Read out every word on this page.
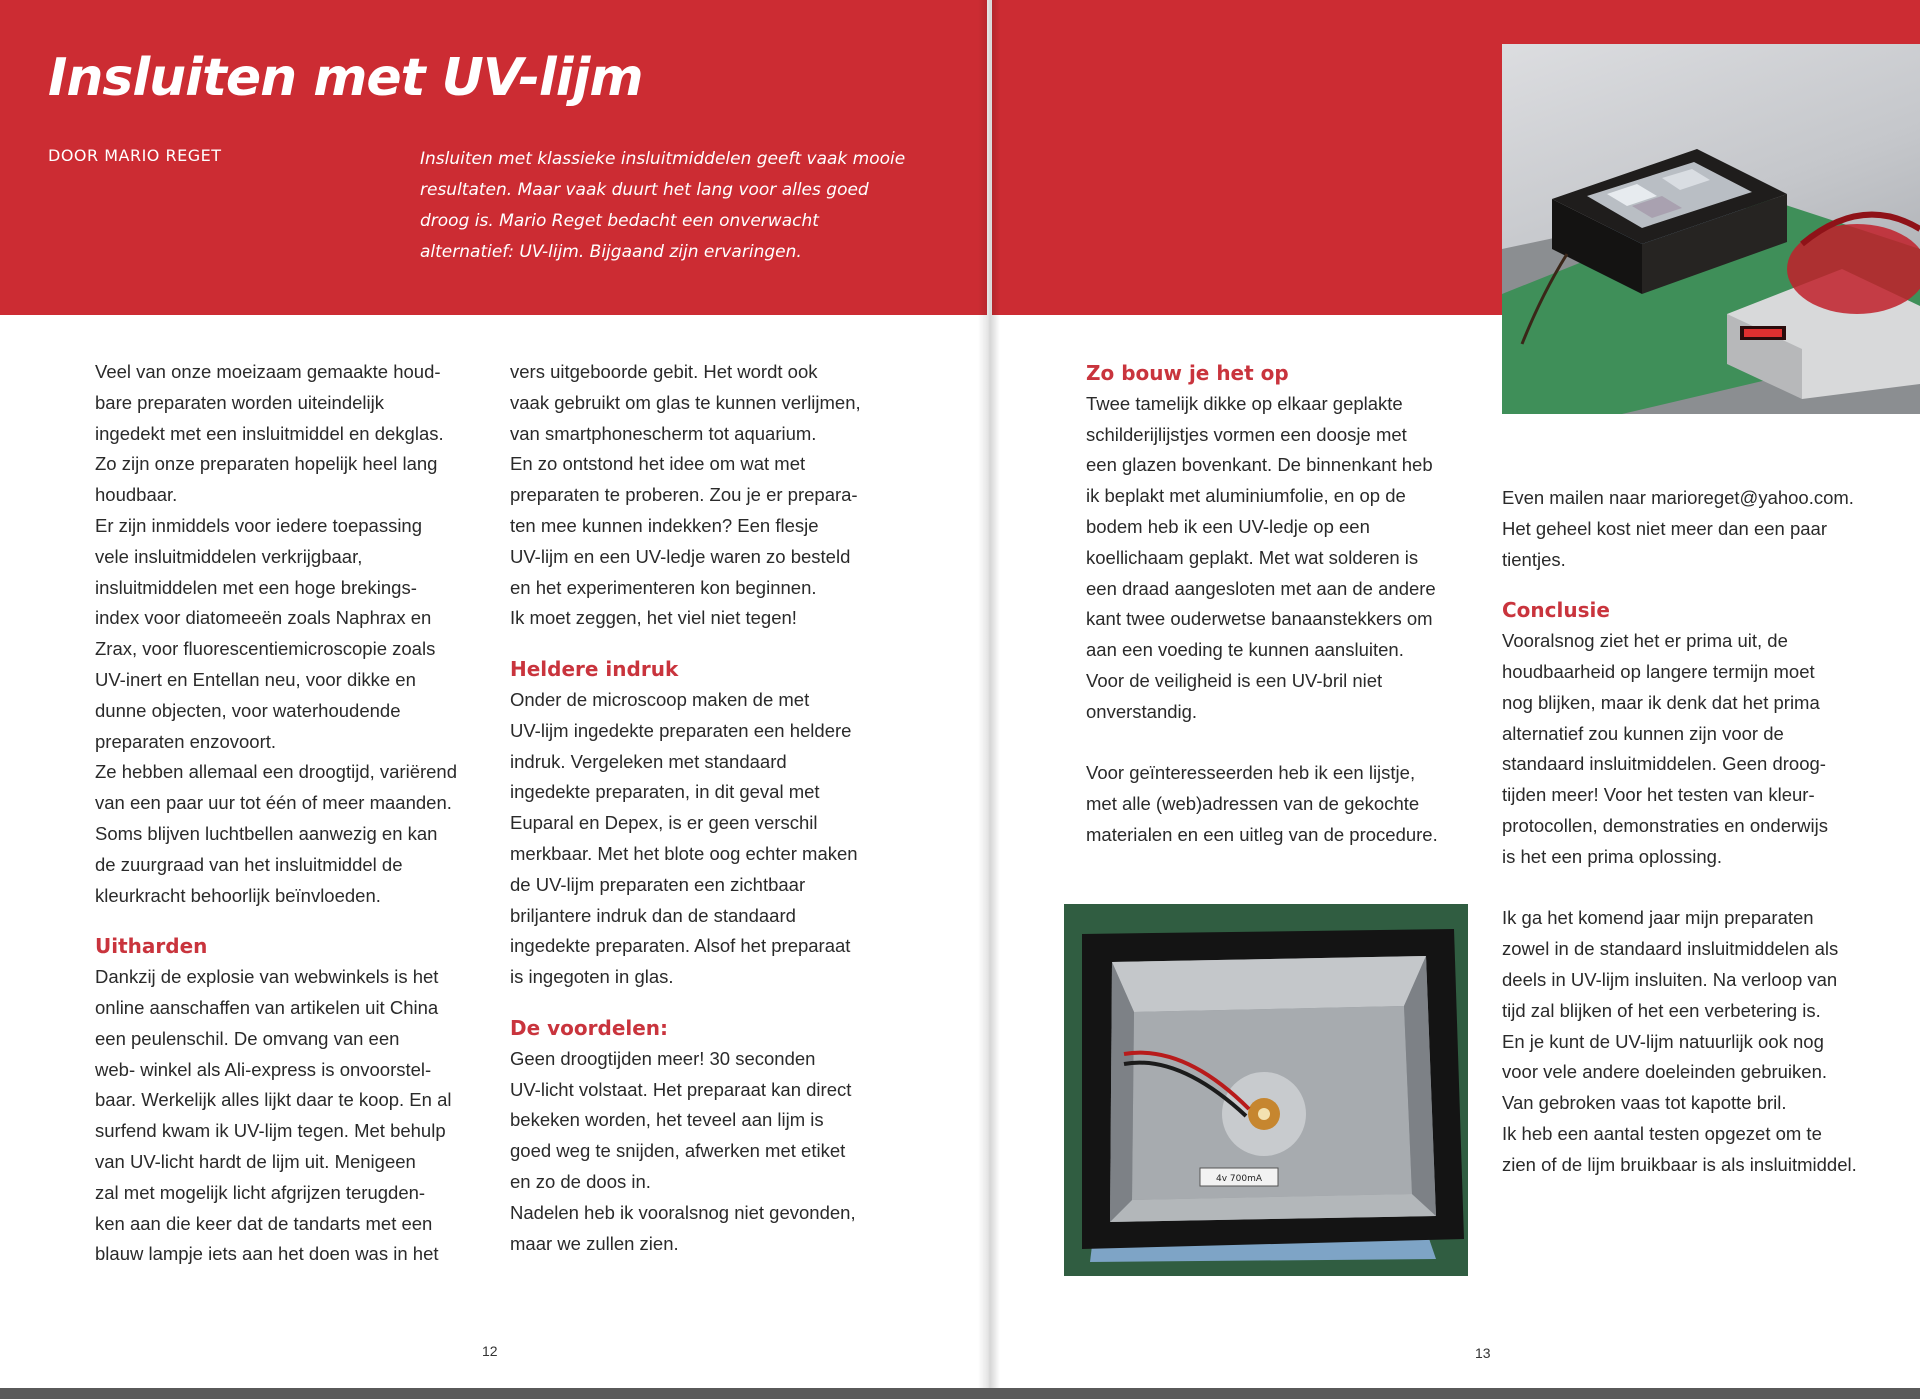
Insluiten met UV-lijm

DOOR MARIO REGET	Insluiten met klassieke insluitmiddelen geeft vaak mooie resultaten. Maar vaak duurt het lang voor alles goed droog is. Mario Reget bedacht een onverwacht alternatief: UV-lijm. Bijgaand zijn ervaringen.

Veel van onze moeizaam gemaakte houd-
bare preparaten worden uiteindelijk
ingedekt met een insluitmiddel en dekglas.
Zo zijn onze preparaten hopelijk heel lang
houdbaar.

Er zijn inmiddels voor iedere toepassing
vele insluitmiddelen verkrijgbaar,
insluitmiddelen met een hoge brekings-
index voor diatomeeën zoals Naphrax en
Zrax, voor fluorescentiemicroscopie zoals
UV-inert en Entellan neu, voor dikke en
dunne objecten, voor waterhoudende
preparaten enzovoort.

Ze hebben allemaal een droogtijd, variërend
van een paar uur tot één of meer maanden.
Soms blijven luchtbellen aanwezig en kan
de zuurgraad van het insluitmiddel de
kleurkracht behoorlijk beïnvloeden.

Uitharden

Dankzij de explosie van webwinkels is het
online aanschaffen van artikelen uit China
een peulenschil. De omvang van een
web- winkel als Ali-express is onvoorstel-
baar. Werkelijk alles lijkt daar te koop. En al
surfend kwam ik UV-lijm tegen. Met behulp
van UV-licht hardt de lijm uit. Menigeen
zal met mogelijk licht afgrijzen terugden-
ken aan die keer dat de tandarts met een
blauw lampje iets aan het doen was in het

vers uitgeboorde gebit. Het wordt ook
vaak gebruikt om glas te kunnen verlijmen,
van smartphonescherm tot aquarium.
En zo ontstond het idee om wat met
preparaten te proberen. Zou je er prepara-
ten mee kunnen indekken? Een flesje
UV-lijm en een UV-ledje waren zo besteld
en het experimenteren kon beginnen.
Ik moet zeggen, het viel niet tegen!

Heldere indruk

Onder de microscoop maken de met
UV-lijm ingedekte preparaten een heldere
indruk. Vergeleken met standaard
ingedekte preparaten, in dit geval met
Euparal en Depex, is er geen verschil
merkbaar. Met het blote oog echter maken
de UV-lijm preparaten een zichtbaar
briljantere indruk dan de standaard
ingedekte preparaten. Alsof het preparaat
is ingegoten in glas.

De voordelen:

Geen droogtijden meer! 30 seconden
UV-licht volstaat. Het preparaat kan direct
bekeken worden, het teveel aan lijm is
goed weg te snijden, afwerken met etiket
en zo de doos in.
Nadelen heb ik vooralsnog niet gevonden,
maar we zullen zien.

Zo bouw je het op

Twee tamelijk dikke op elkaar geplakte
schilderijlijstjes vormen een doosje met
een glazen bovenkant. De binnenkant heb
ik beplakt met aluminiumfolie, en op de
bodem heb ik een UV-ledje op een
koellichaam geplakt. Met wat solderen is
een draad aangesloten met aan de andere
kant twee ouderwetse banaanstekkers om
aan een voeding te kunnen aansluiten.
Voor de veiligheid is een UV-bril niet
onverstandig.

Voor geïnteresseerden heb ik een lijstje,
met alle (web)adressen van de gekochte
materialen en een uitleg van de procedure.

Even mailen naar marioreget@yahoo.com.
Het geheel kost niet meer dan een paar
tientjes.

Conclusie

Vooralsnog ziet het er prima uit, de
houdbaarheid op langere termijn moet
nog blijken, maar ik denk dat het prima
alternatief zou kunnen zijn voor de
standaard insluitmiddelen. Geen droog-
tijden meer! Voor het testen van kleur-
protocollen, demonstraties en onderwijs
is het een prima oplossing.

Ik ga het komend jaar mijn preparaten
zowel in de standaard insluitmiddelen als
deels in UV-lijm insluiten. Na verloop van
tijd zal blijken of het een verbetering is.
En je kunt de UV-lijm natuurlijk ook nog
voor vele andere doeleinden gebruiken.
Van gebroken vaas tot kapotte bril.
Ik heb een aantal testen opgezet om te
zien of de lijm bruikbaar is als insluitmiddel.

4v 700mA

12	13
